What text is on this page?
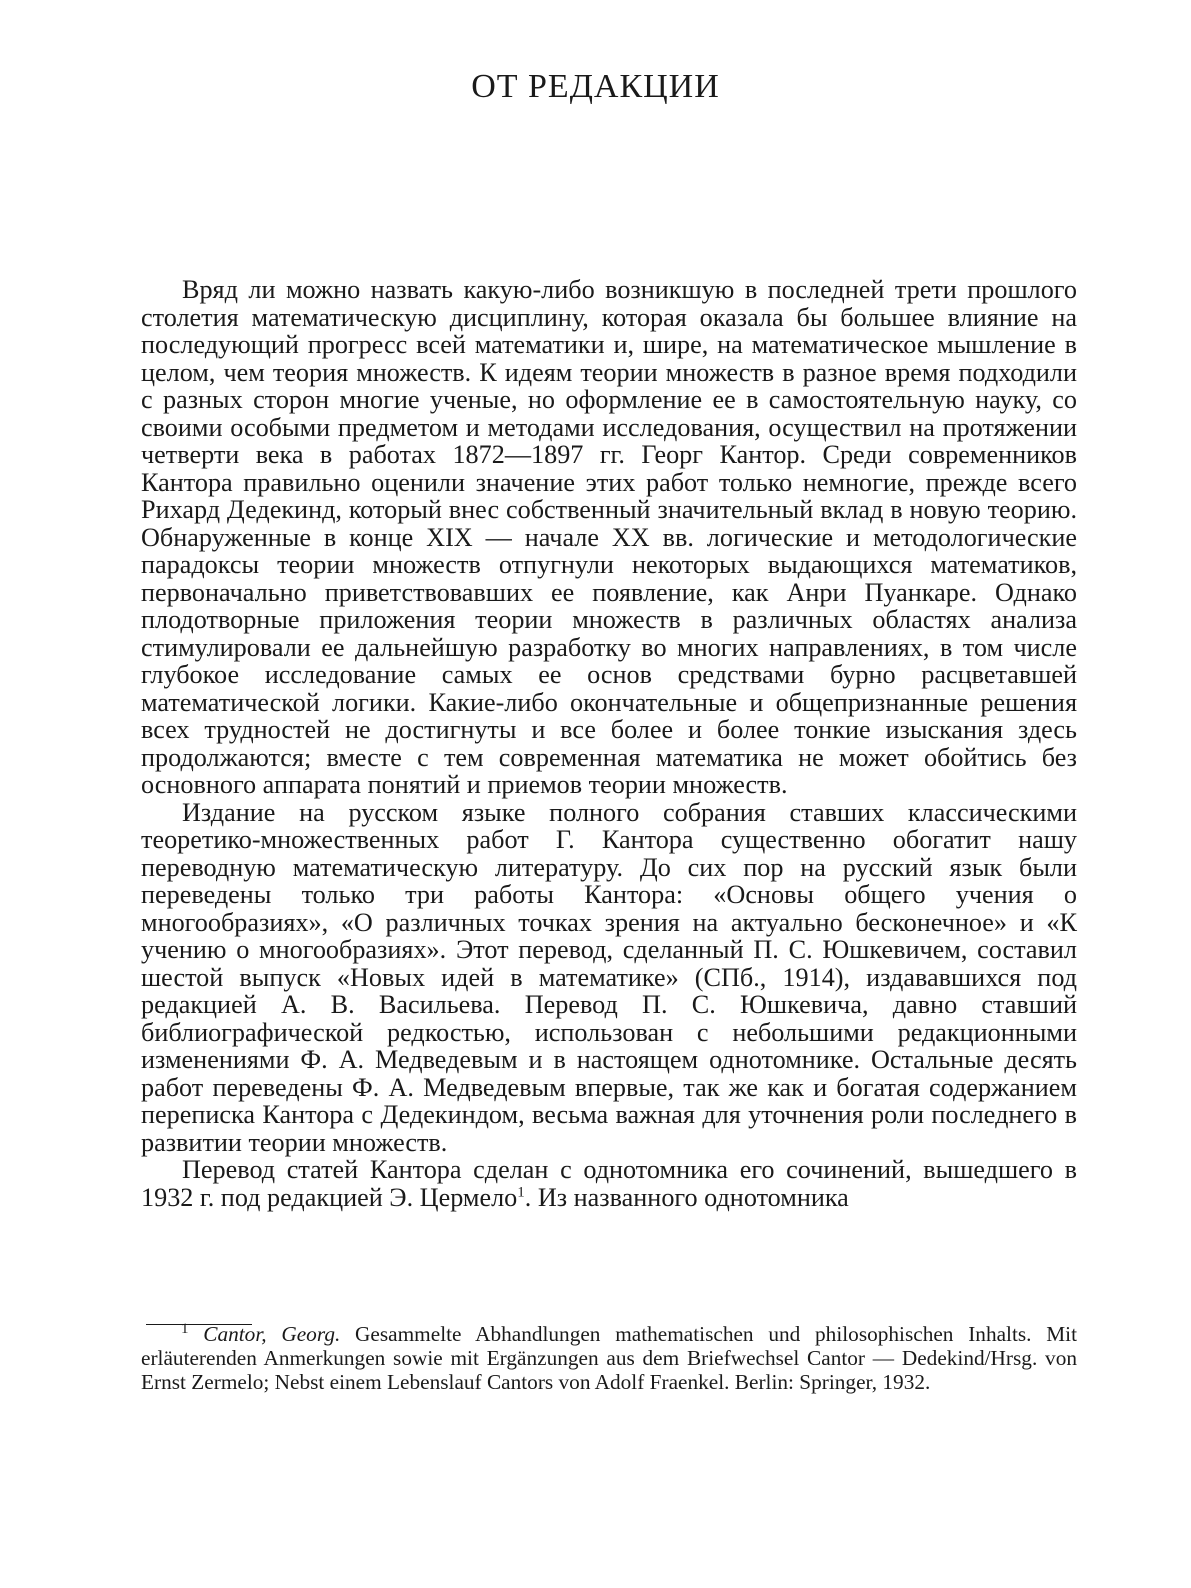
ОТ РЕДАКЦИИ

Вряд ли можно назвать какую-либо возникшую в последней трети прошлого столетия математическую дисциплину, которая оказала бы большее влияние на последующий прогресс всей математики и, шире, на математическое мышление в целом, чем теория множеств. К идеям теории множеств в разное время подходили с разных сторон многие ученые, но оформление ее в самостоятельную науку, со своими особыми предметом и методами исследования, осуществил на протяжении четверти века в работах 1872—1897 гг. Георг Кантор. Среди современников Кантора правильно оценили значение этих работ только немногие, прежде всего Рихард Дедекинд, который внес собственный значительный вклад в новую теорию. Обнаруженные в конце XIX — начале XX вв. логические и методологические парадоксы теории множеств отпугнули некоторых выдающихся математиков, первоначально приветствовавших ее появление, как Анри Пуанкаре. Однако плодотворные приложения теории множеств в различных областях анализа стимулировали ее дальнейшую разработку во многих направлениях, в том числе глубокое исследование самых ее основ средствами бурно расцветавшей математической логики. Какие-либо окончательные и общепризнанные решения всех трудностей не достигнуты и все более и более тонкие изыскания здесь продолжаются; вместе с тем современная математика не может обойтись без основного аппарата понятий и приемов теории множеств.

Издание на русском языке полного собрания ставших классическими теоретико-множественных работ Г. Кантора существенно обогатит нашу переводную математическую литературу. До сих пор на русский язык были переведены только три работы Кантора: «Основы общего учения о многообразиях», «О различных точках зрения на актуально бесконечное» и «К учению о многообразиях». Этот перевод, сделанный П. С. Юшкевичем, составил шестой выпуск «Новых идей в математике» (СПб., 1914), издававшихся под редакцией А. В. Васильева. Перевод П. С. Юшкевича, давно ставший библиографической редкостью, использован с небольшими редакционными изменениями Ф. А. Медведевым и в настоящем однотомнике. Остальные десять работ переведены Ф. А. Медведевым впервые, так же как и богатая содержанием переписка Кантора с Дедекиндом, весьма важная для уточнения роли последнего в развитии теории множеств.

Перевод статей Кантора сделан с однотомника его сочинений, вышедшего в 1932 г. под редакцией Э. Цермело$^1$. Из названного однотомника

$^1$ Cantor, Georg. Gesammelte Abhandlungen mathematischen und philosophischen Inhalts. Mit erläuterenden Anmerkungen sowie mit Ergänzungen aus dem Briefwechsel Cantor — Dedekind/Hrsg. von Ernst Zermelo; Nebst einem Lebenslauf Cantors von Adolf Fraenkel. Berlin: Springer, 1932.
